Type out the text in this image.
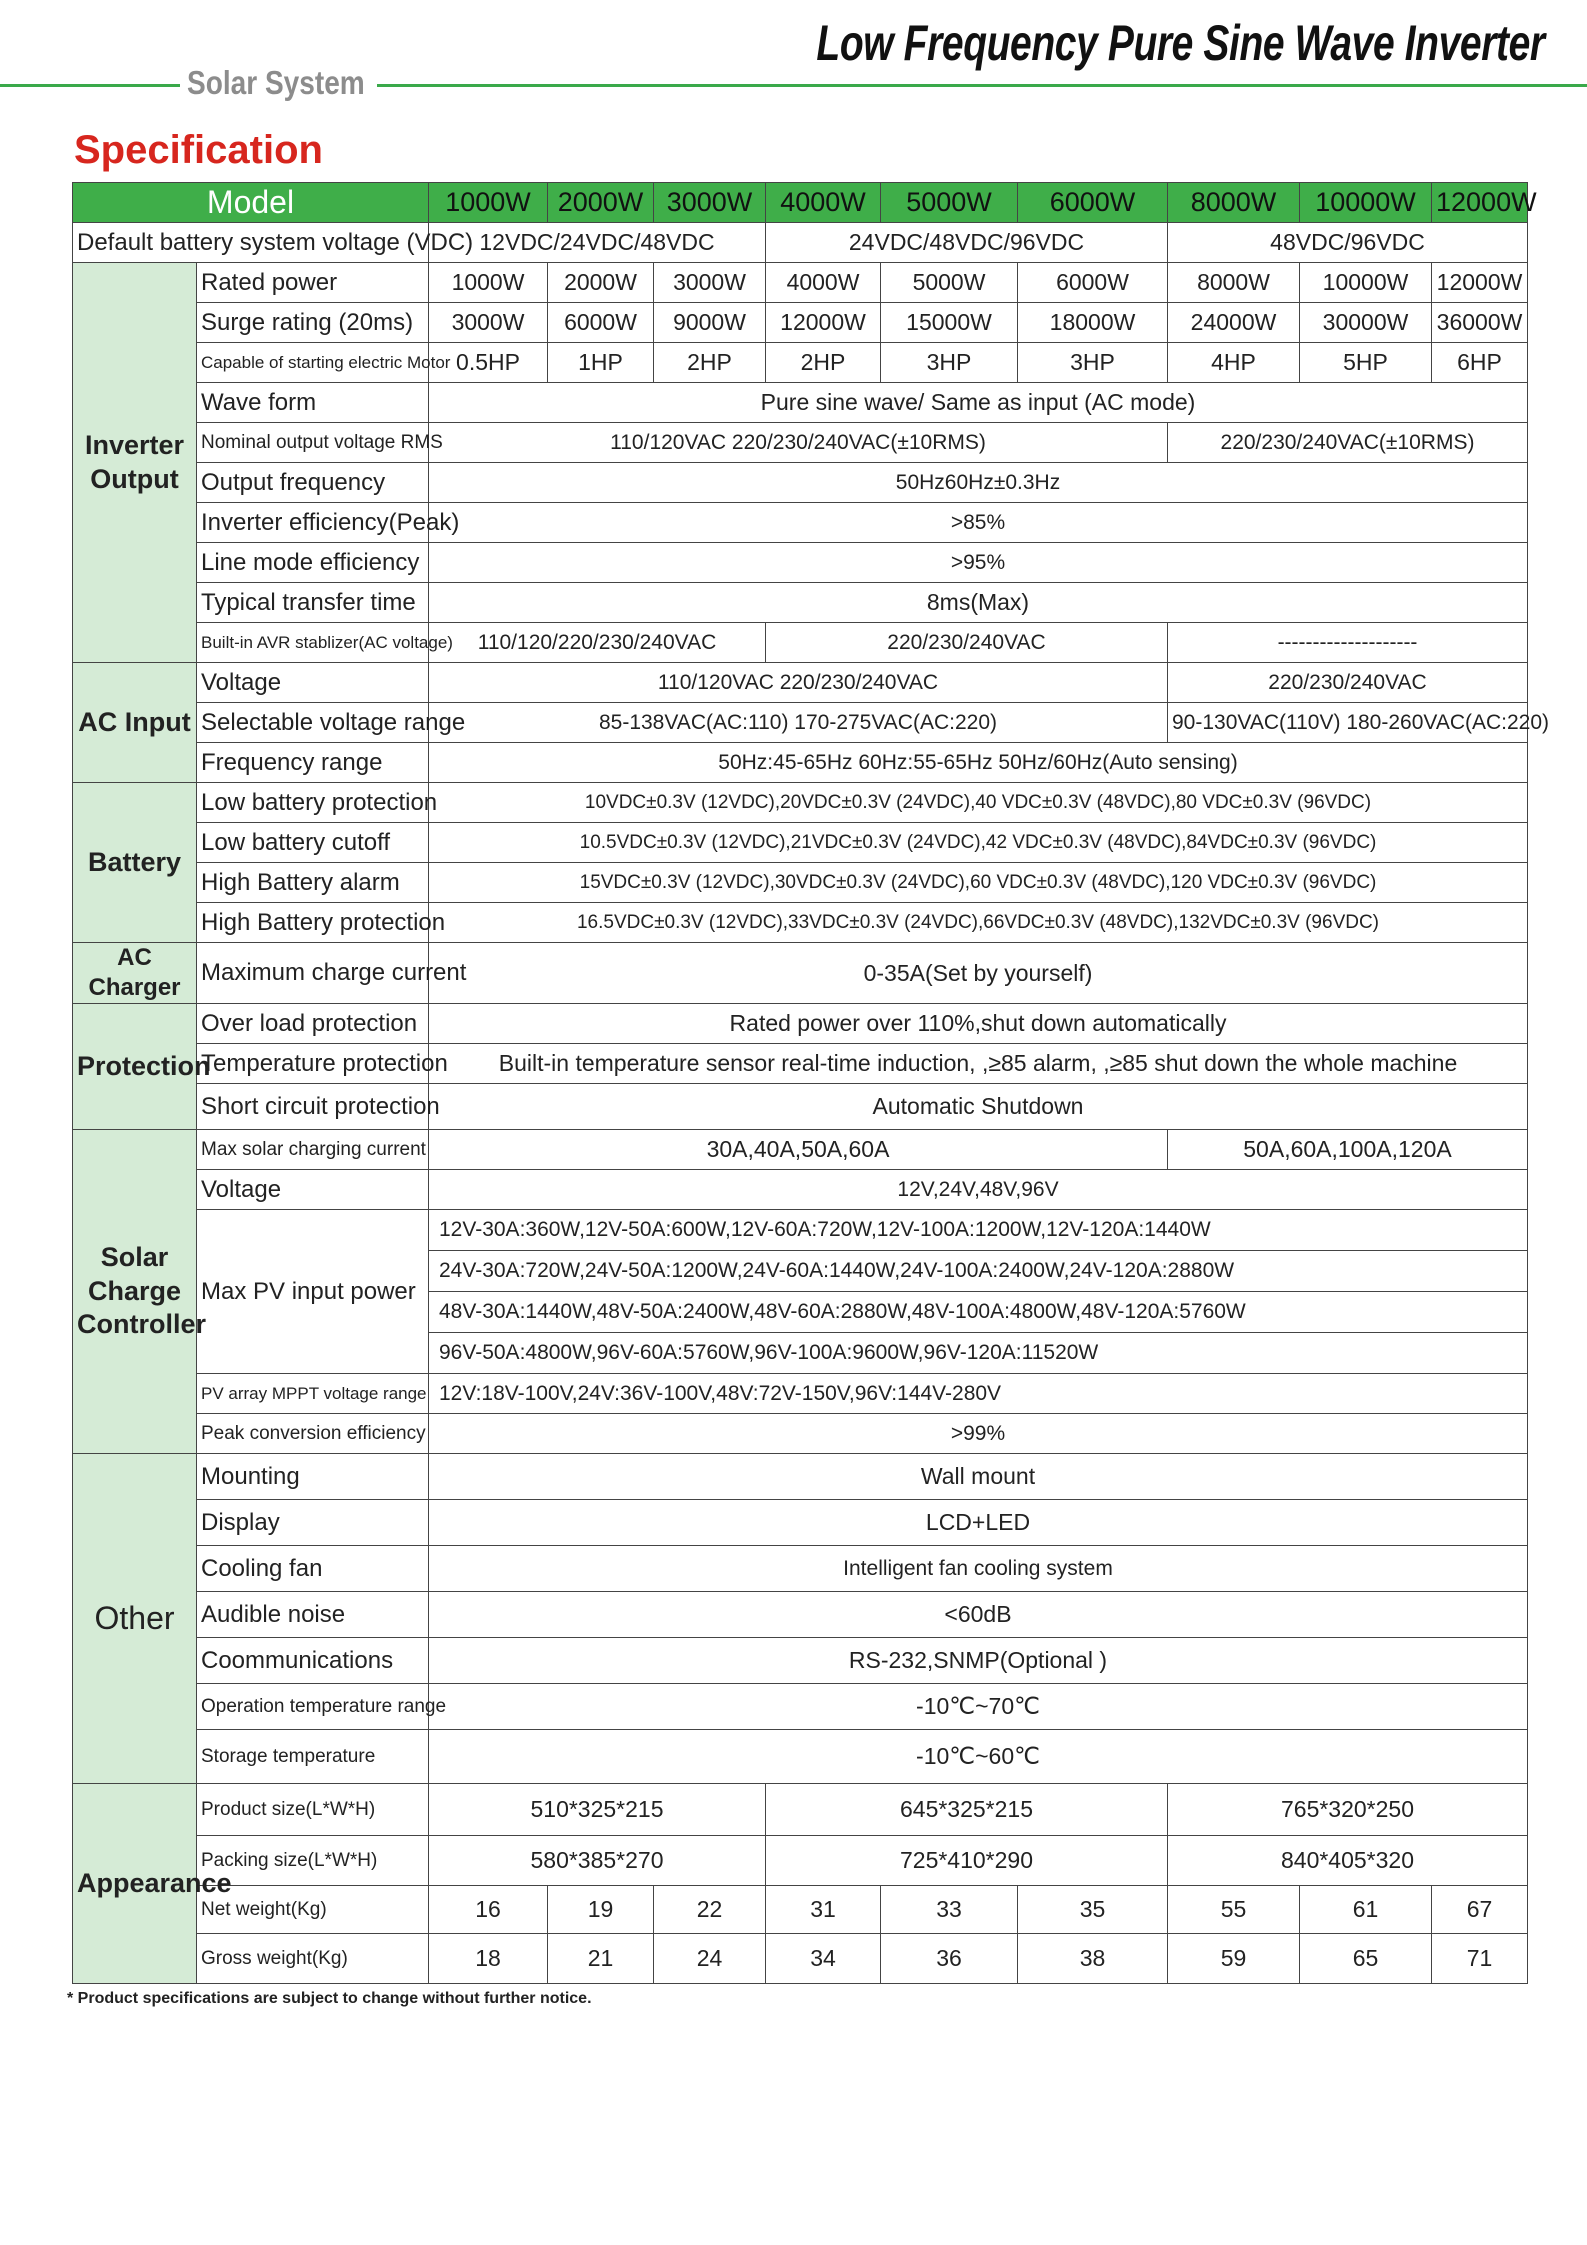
Low Frequency Pure Sine Wave Inverter
Solar System
Specification
Model		1000W	2000W	3000W	4000W	5000W	6000W	8000W	10000W	12000W
Default battery system voltage (VDC)		12VDC/24VDC/48VDC			24VDC/48VDC/96VDC			48VDC/96VDC		
Inverter Output	Rated power	1000W	2000W	3000W	4000W	5000W	6000W	8000W	10000W	12000W
	Surge rating (20ms)	3000W	6000W	9000W	12000W	15000W	18000W	24000W	30000W	36000W
	Capable of starting electric Motor	0.5HP	1HP	2HP	2HP	3HP	3HP	4HP	5HP	6HP
	Wave form	Pure sine wave/ Same as input (AC mode)								
	Nominal output voltage RMS	110/120VAC 220/230/240VAC(±10RMS)						220/230/240VAC(±10RMS)		
	Output frequency	50Hz60Hz±0.3Hz								
	Inverter efficiency(Peak)	>85%								
	Line mode efficiency	>95%								
	Typical transfer time	8ms(Max)								
	Built-in AVR stablizer(AC voltage)	110/120/220/230/240VAC			220/230/240VAC			--------------------		
AC Input	Voltage	110/120VAC 220/230/240VAC						220/230/240VAC		
	Selectable voltage range	85-138VAC(AC:110) 170-275VAC(AC:220)						90-130VAC(110V) 180-260VAC(AC:220)		
	Frequency range	50Hz:45-65Hz 60Hz:55-65Hz 50Hz/60Hz(Auto sensing)								
Battery	Low battery protection	10VDC±0.3V (12VDC),20VDC±0.3V (24VDC),40 VDC±0.3V (48VDC),80 VDC±0.3V (96VDC)								
	Low battery cutoff	10.5VDC±0.3V (12VDC),21VDC±0.3V (24VDC),42 VDC±0.3V (48VDC),84VDC±0.3V (96VDC)								
	High Battery alarm	15VDC±0.3V (12VDC),30VDC±0.3V (24VDC),60 VDC±0.3V (48VDC),120 VDC±0.3V (96VDC)								
	High Battery protection	16.5VDC±0.3V (12VDC),33VDC±0.3V (24VDC),66VDC±0.3V (48VDC),132VDC±0.3V (96VDC)								
AC Charger	Maximum charge current	0-35A(Set by yourself)								
Protection	Over load protection	Rated power over 110%,shut down automatically								
	Temperature protection	Built-in temperature sensor real-time induction, ,≥85 alarm, ,≥85 shut down the whole machine								
	Short circuit protection	Automatic Shutdown								
Solar Charge Controller	Max solar charging current	30A,40A,50A,60A						50A,60A,100A,120A		
	Voltage	12V,24V,48V,96V								
	Max PV input power	12V-30A:360W,12V-50A:600W,12V-60A:720W,12V-100A:1200W,12V-120A:1440W								
		24V-30A:720W,24V-50A:1200W,24V-60A:1440W,24V-100A:2400W,24V-120A:2880W								
		48V-30A:1440W,48V-50A:2400W,48V-60A:2880W,48V-100A:4800W,48V-120A:5760W								
		96V-50A:4800W,96V-60A:5760W,96V-100A:9600W,96V-120A:11520W								
	PV array MPPT voltage range	12V:18V-100V,24V:36V-100V,48V:72V-150V,96V:144V-280V								
	Peak conversion efficiency	>99%								

Other	Mounting	Wall mount								
	Display	LCD+LED								
	Cooling fan	Intelligent fan cooling system								
	Audible noise	<60dB								
	Coommunications	RS-232,SNMP(Optional )								
	Operation temperature range	-10℃~70℃								
	Storage temperature	-10℃~60℃								
Appearance	Product size(L*W*H)	510*325*215			645*325*215			765*320*250		
	Packing size(L*W*H)	580*385*270			725*410*290			840*405*320		
	Net weight(Kg)	16	19	22	31	33	35	55	61	67
	Gross weight(Kg)	18	21	24	34	36	38	59	65	71
* Product specifications are subject to change without further notice.
